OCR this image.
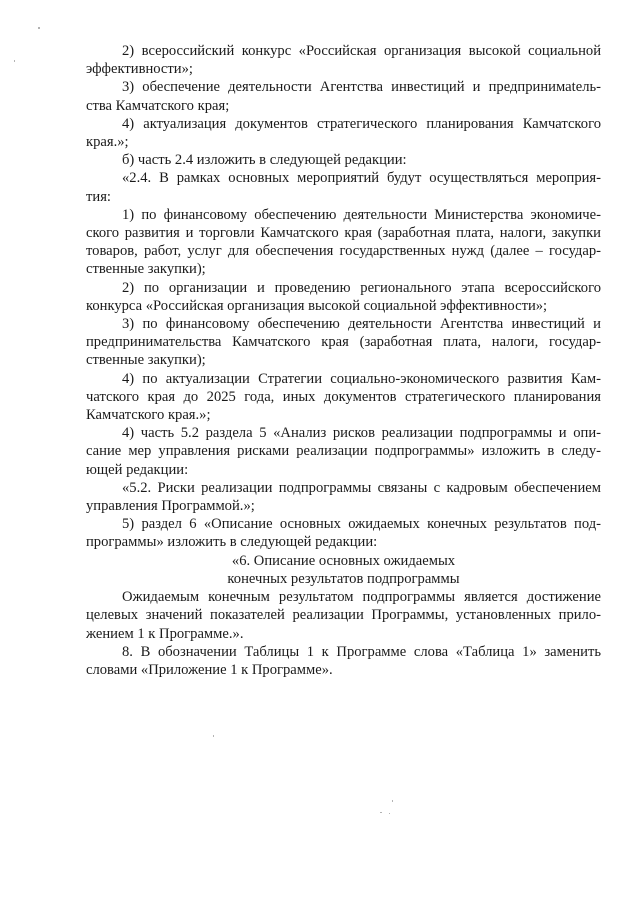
2) всероссийский конкурс «Российская организация высокой социальной
эффективности»;

3) обеспечение деятельности Агентства инвестиций и предпринимatель-
ства Камчатского края;

4) актуализация документов стратегического планирования Камчатского
края.»;

б) часть 2.4 изложить в следующей редакции:

«2.4. В рамках основных мероприятий будут осуществляться мероприя-
тия:

1) по финансовому обеспечению деятельности Министерства экономиче-
ского развития и торговли Камчатского края (заработная плата, налоги, закупки
товаров, работ, услуг для обеспечения государственных нужд (далее – государ-
ственные закупки);

2) по организации и проведению регионального этапа всероссийского
конкурса «Российская организация высокой социальной эффективности»;

3) по финансовому обеспечению деятельности Агентства инвестиций и
предпринимательства Камчатского края (заработная плата, налоги, государ-
ственные закупки);

4) по актуализации Стратегии социально-экономического развития Кам-
чатского края до 2025 года, иных документов стратегического планирования
Камчатского края.»;

4) часть 5.2 раздела 5 «Анализ рисков реализации подпрограммы и опи-
сание мер управления рисками реализации подпрограммы» изложить в следу-
ющей редакции:

«5.2. Риски реализации подпрограммы связаны с кадровым обеспечением
управления Программой.»;

5) раздел 6 «Описание основных ожидаемых конечных результатов под-
программы» изложить в следующей редакции:

«6. Описание основных ожидаемых
конечных результатов подпрограммы

Ожидаемым конечным результатом подпрограммы является достижение
целевых значений показателей реализации Программы, установленных прило-
жением 1 к Программе.».

8. В обозначении Таблицы 1 к Программе слова «Таблица 1» заменить
словами «Приложение 1 к Программе».
